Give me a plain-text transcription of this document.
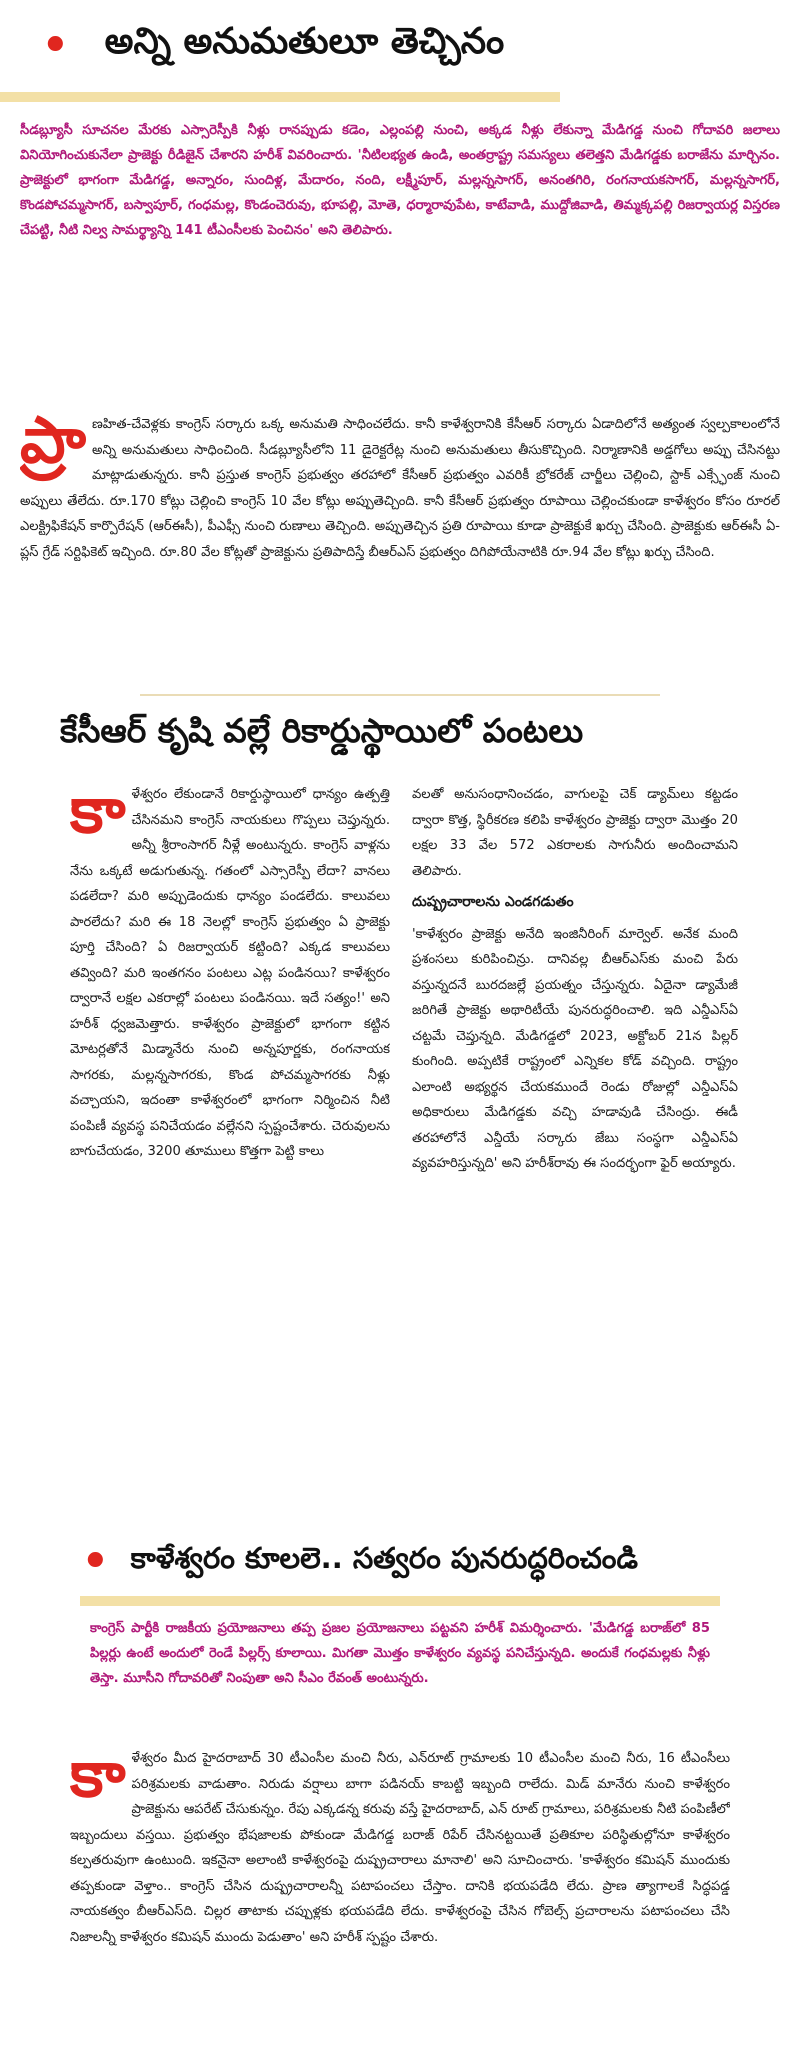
• అన్ని అనుమతులూ తెచ్చినం
సీడబ్ల్యూసీ సూచనల మేరకు ఎస్సారెస్పీకి నీళ్లు రానప్పుడు కడెం, ఎల్లంపల్లి నుంచి, అక్కడ నీళ్లు లేకున్నా మేడిగడ్డ నుంచి గోదావరి జలాలు వినియోగించుకునేలా ప్రాజెక్టు రీడిజైన్ చేశారని హరీశ్ వివరించారు. 'నీటిలభ్యత ఉండి, అంతర్రాష్ట్ర సమస్యలు తలెత్తని మేడిగడ్డకు బరాజేను మార్చినం. ప్రాజెక్టులో భాగంగా మేడిగడ్డ, అన్నారం, సుందిళ్ల, మేదారం, నంది, లక్ష్మీపూర్, మల్లన్నసాగర్, అనంతగిరి, రంగనాయకసాగర్, మల్లన్నసాగర్, కొండపోచమ్మసాగర్, బస్వాపూర్, గంధమల్ల, కొండంచెరువు, భూపల్లి, మోతె, ధర్మారావుపేట, కాటేవాడి, ముద్దోజివాడి, తిమ్మక్కపల్లి రిజర్వాయర్ల విస్తరణ చేపట్టి, నీటి నిల్వ సామర్థ్యాన్ని 141 టీఎంసీలకు పెంచినం' అని తెలిపారు.
ప్రా ణహిత-చేవెళ్లకు కాంగ్రెస్ సర్కారు ఒక్క అనుమతి సాధించలేదు. కానీ కాళేశ్వరానికి కేసీఆర్ సర్కారు ఏడాదిలోనే అత్యంత స్వల్పకాలంలోనే అన్ని అనుమతులు సాధించింది. సీడబ్ల్యూసీలోని 11 డైరెక్టరేట్ల నుంచి అనుమతులు తీసుకొచ్చింది. నిర్మాణానికి అడ్డగోలు అప్పు చేసినట్టు మాట్లాడుతున్నరు. కానీ ప్రస్తుత కాంగ్రెస్ ప్రభుత్వం తరహాలో కేసీఆర్ ప్రభుత్వం ఎవరికీ బ్రోకరేజ్ చార్జీలు చెల్లించి, స్టాక్ ఎక్స్ఛేంజ్ నుంచి అప్పులు తేలేదు. రూ.170 కోట్లు చెల్లించి కాంగ్రెస్ 10 వేల కోట్లు అప్పుతెచ్చింది. కానీ కేసీఆర్ ప్రభుత్వం రూపాయి చెల్లించకుండా కాళేశ్వరం కోసం రూరల్ ఎలక్ట్రిఫికేషన్ కార్పొరేషన్ (ఆర్ఈసీ), పీఎఫ్సీ నుంచి రుణాలు తెచ్చింది. అప్పుతెచ్చిన ప్రతి రూపాయి కూడా ప్రాజెక్టుకే ఖర్చు చేసింది. ప్రాజెక్టుకు ఆర్ఈసీ ఏ-ప్లస్ గ్రేడ్ సర్టిఫికెట్ ఇచ్చింది. రూ.80 వేల కోట్లతో ప్రాజెక్టును ప్రతిపాదిస్తే బీఆర్ఎస్ ప్రభుత్వం దిగిపోయేనాటికి రూ.94 వేల కోట్లు ఖర్చు చేసింది.
కేసీఆర్ కృషి వల్లే రికార్డుస్థాయిలో పంటలు
కాళేశ్వరం లేకుండానే రికార్డుస్థాయిలో ధాన్యం ఉత్పత్తి చేసినమని కాంగ్రెస్ నాయకులు గొప్పలు చెప్తున్నరు. అన్నీ శ్రీరాంసాగర్ నీళ్లే అంటున్నరు. కాంగ్రెస్ వాళ్లను నేను ఒక్కటే అడుగుతున్న. గతంలో ఎస్సారెస్పీ లేదా? వానలు పడలేదా? మరి అప్పుడెందుకు ధాన్యం పండలేదు. కాలువలు పారలేదు? మరి ఈ 18 నెలల్లో కాంగ్రెస్ ప్రభుత్వం ఏ ప్రాజెక్టు పూర్తి చేసింది? ఏ రిజర్వాయర్ కట్టింది? ఎక్కడ కాలువలు తవ్వింది? మరి ఇంతగనం పంటలు ఎట్ల పండినయి? కాళేశ్వరం ద్వారానే లక్షల ఎకరాల్లో పంటలు పండినయి. ఇదే సత్యం!' అని హరీశ్ ధ్వజమెత్తారు. కాళేశ్వరం ప్రాజెక్టులో భాగంగా కట్టిన మోటర్లతోనే మిడ్మానేరు నుంచి అన్నపూర్ణకు, రంగనాయక సాగరకు, మల్లన్నసాగరకు, కొండ పోచమ్మసాగరకు నీళ్లు వచ్చాయని, ఇదంతా కాళేశ్వరంలో భాగంగా నిర్మించిన నీటి పంపిణీ వ్యవస్థ పనిచేయడం వల్లేనని స్పష్టంచేశారు. చెరువులను బాగుచేయడం, 3200 తూములు కొత్తగా పెట్టి కాలు
వలతో అనుసంధానించడం, వాగులపై చెక్ డ్యామ్‌లు కట్టడం ద్వారా కొత్త, స్థిరీకరణ కలిపి కాళేశ్వరం ప్రాజెక్టు ద్వారా మొత్తం 20 లక్షల 33 వేల 572 ఎకరాలకు సాగునీరు అందించామని తెలిపారు.
దుష్ప్రచారాలను ఎండగడుతం
'కాళేశ్వరం ప్రాజెక్టు అనేది ఇంజినీరింగ్ మార్వెల్. అనేక మంది ప్రశంసలు కురిపించిన్రు. దానివల్ల బీఆర్ఎస్‌కు మంచి పేరు వస్తున్నదనే బురదజల్లే ప్రయత్నం చేస్తున్నరు. ఏదైనా డ్యామేజీ జరిగితే ప్రాజెక్టు అథారిటీయే పునరుద్ధరించాలి. ఇది ఎన్డీఎస్ఏ చట్టమే చెప్తున్నది. మేడిగడ్డలో 2023, అక్టోబర్ 21న పిల్లర్ కుంగింది. అప్పటికే రాష్ట్రంలో ఎన్నికల కోడ్ వచ్చింది. రాష్ట్రం ఎలాంటి అభ్యర్థన చేయకముందే రెండు రోజుల్లో ఎన్డీఎస్ఏ అధికారులు మేడిగడ్డకు వచ్చి హడావుడి చేసింద్రు. ఈడీ తరహాలోనే ఎన్డీయే సర్కారు జేబు సంస్థగా ఎన్డీఎస్ఏ వ్యవహరిస్తున్నది' అని హరీశ్‌రావు ఈ సందర్భంగా ఫైర్ అయ్యారు.
• కాళేశ్వరం కూలలె.. సత్వరం పునరుద్ధరించండి
కాంగ్రెస్ పార్టీకి రాజకీయ ప్రయోజనాలు తప్ప ప్రజల ప్రయోజనాలు పట్టవని హరీశ్ విమర్శించారు. 'మేడిగడ్డ బరాజ్‌లో 85 పిల్లర్లు ఉంటే అందులో రెండే పిల్లర్స్ కూలాయి. మిగతా మొత్తం కాళేశ్వరం వ్యవస్థ పనిచేస్తున్నది. అందుకే గంధమల్లకు నీళ్లు తెస్తా. మూసీని గోదావరితో నింపుతా అని సీఎం రేవంత్ అంటున్నరు.
కాళేశ్వరం మీద హైదరాబాద్ 30 టీఎంసీల మంచి నీరు, ఎన్‌రూట్ గ్రామాలకు 10 టీఎంసీల మంచి నీరు, 16 టీఎంసీలు పరిశ్రమలకు వాడుతాం. నిరుడు వర్షాలు బాగా పడినయ్ కాబట్టి ఇబ్బంది రాలేదు. మిడ్ మానేరు నుంచి కాళేశ్వరం ప్రాజెక్టును ఆపరేట్ చేసుకున్నం. రేపు ఎక్కడన్న కరువు వస్తే హైదరాబాద్, ఎన్ రూట్ గ్రామాలు, పరిశ్రమలకు నీటి పంపిణీలో ఇబ్బందులు వస్తయి. ప్రభుత్వం భేషజాలకు పోకుండా మేడిగడ్డ బరాజ్ రిపేర్ చేసినట్టయితే ప్రతికూల పరిస్థితుల్లోనూ కాళేశ్వరం కల్పతరువుగా ఉంటుంది. ఇకనైనా అలాంటి కాళేశ్వరంపై దుష్ప్రచారాలు మానాలి' అని సూచించారు. 'కాళేశ్వరం కమిషన్ ముందుకు తప్పకుండా వెళ్తాం.. కాంగ్రెస్ చేసిన దుష్ప్రచారాలన్నీ పటాపంచలు చేస్తాం. దానికి భయపడేది లేదు. ప్రాణ త్యాగాలకే సిద్ధపడ్డ నాయకత్వం బీఆర్ఎస్‌ది. చిల్లర తాటాకు చప్పుళ్లకు భయపడేది లేదు. కాళేశ్వరంపై చేసిన గోబెల్స్ ప్రచారాలను పటాపంచలు చేసి నిజాలన్నీ కాళేశ్వరం కమిషన్ ముందు పెడుతాం' అని హరీశ్ స్పష్టం చేశారు.
